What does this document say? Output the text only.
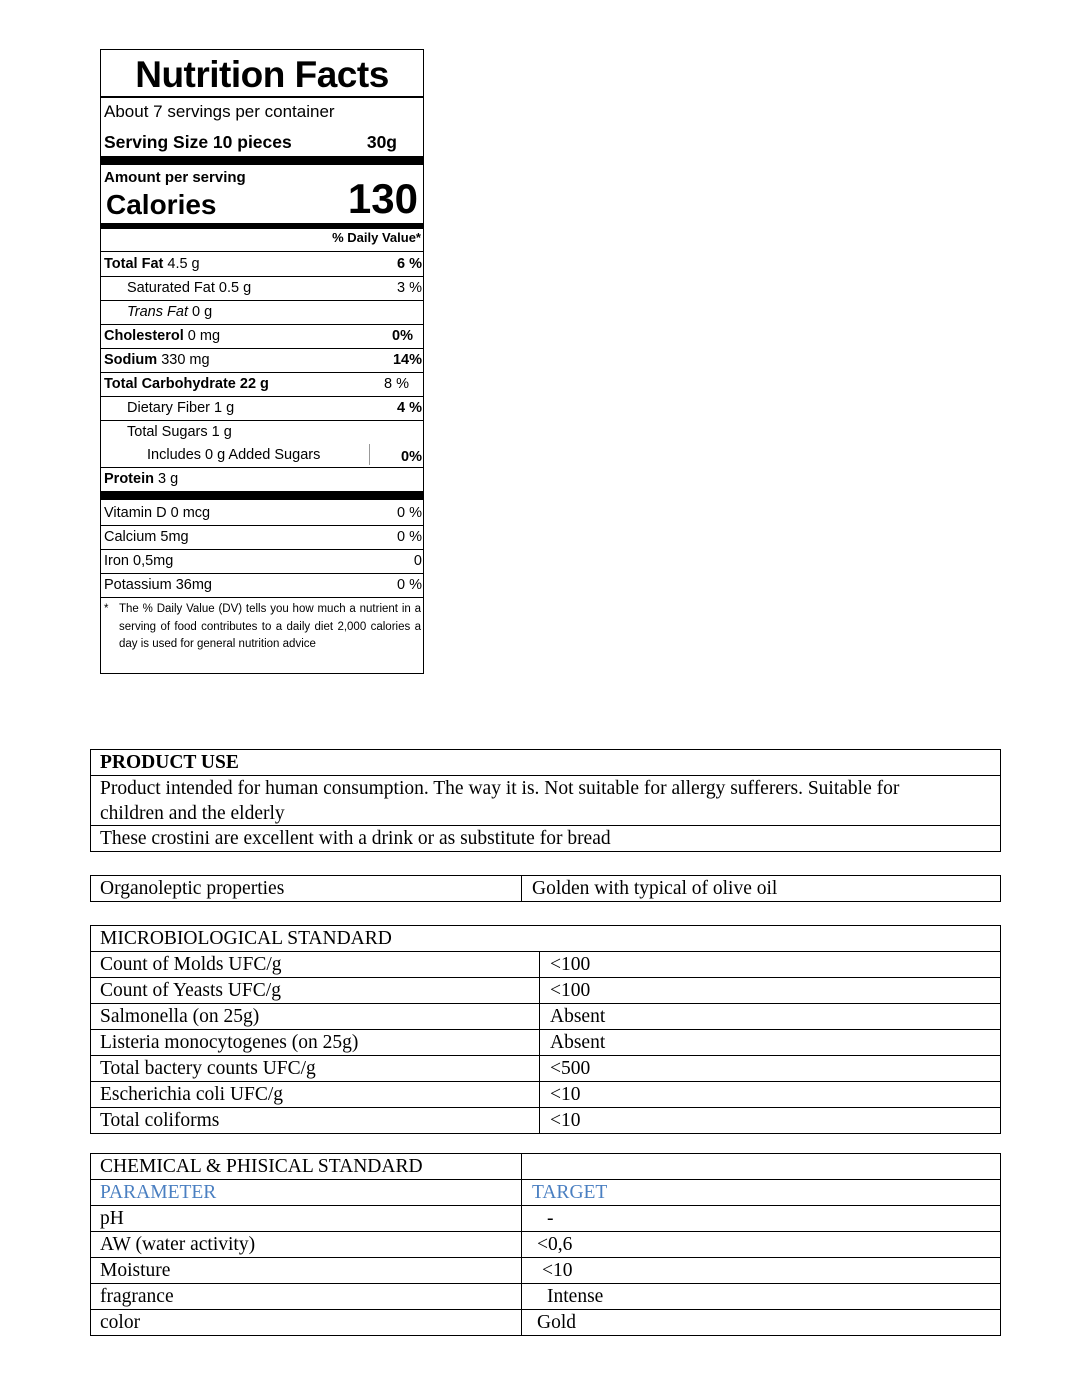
Nutrition Facts
About 7 servings per container
Serving Size 10 pieces	30g
Amount per serving
Calories	130
% Daily Value*
Total Fat 4.5 g	6 %
Saturated Fat 0.5 g	3 %
Trans Fat 0 g
Cholesterol 0 mg	0%
Sodium 330 mg	14%
Total Carbohydrate 22 g	8 %
Dietary Fiber 1 g	4 %
Total Sugars 1 g
Includes 0 g Added Sugars	0%
Protein 3 g
Vitamin D 0 mcg	0 %
Calcium 5mg	0 %
Iron 0,5mg	0
Potassium 36mg	0 %
* The % Daily Value (DV) tells you how much a nutrient in a serving of food contributes to a daily diet 2,000 calories a day is used for general nutrition advice
PRODUCT USE
Product intended for human consumption. The way it is. Not suitable for allergy sufferers. Suitable for
children and the elderly
These crostini are excellent with a drink or as substitute for bread
Organoleptic properties	Golden with typical of olive oil
MICROBIOLOGICAL STANDARD
Count of Molds UFC/g	<100
Count of Yeasts UFC/g	<100
Salmonella (on 25g)	Absent
Listeria monocytogenes (on 25g)	Absent
Total bactery counts UFC/g	<500
Escherichia coli UFC/g	<10
Total coliforms	<10
CHEMICAL & PHISICAL STANDARD
PARAMETER	TARGET
pH	-
AW (water activity)	<0,6
Moisture	<10
fragrance	Intense
color	Gold
